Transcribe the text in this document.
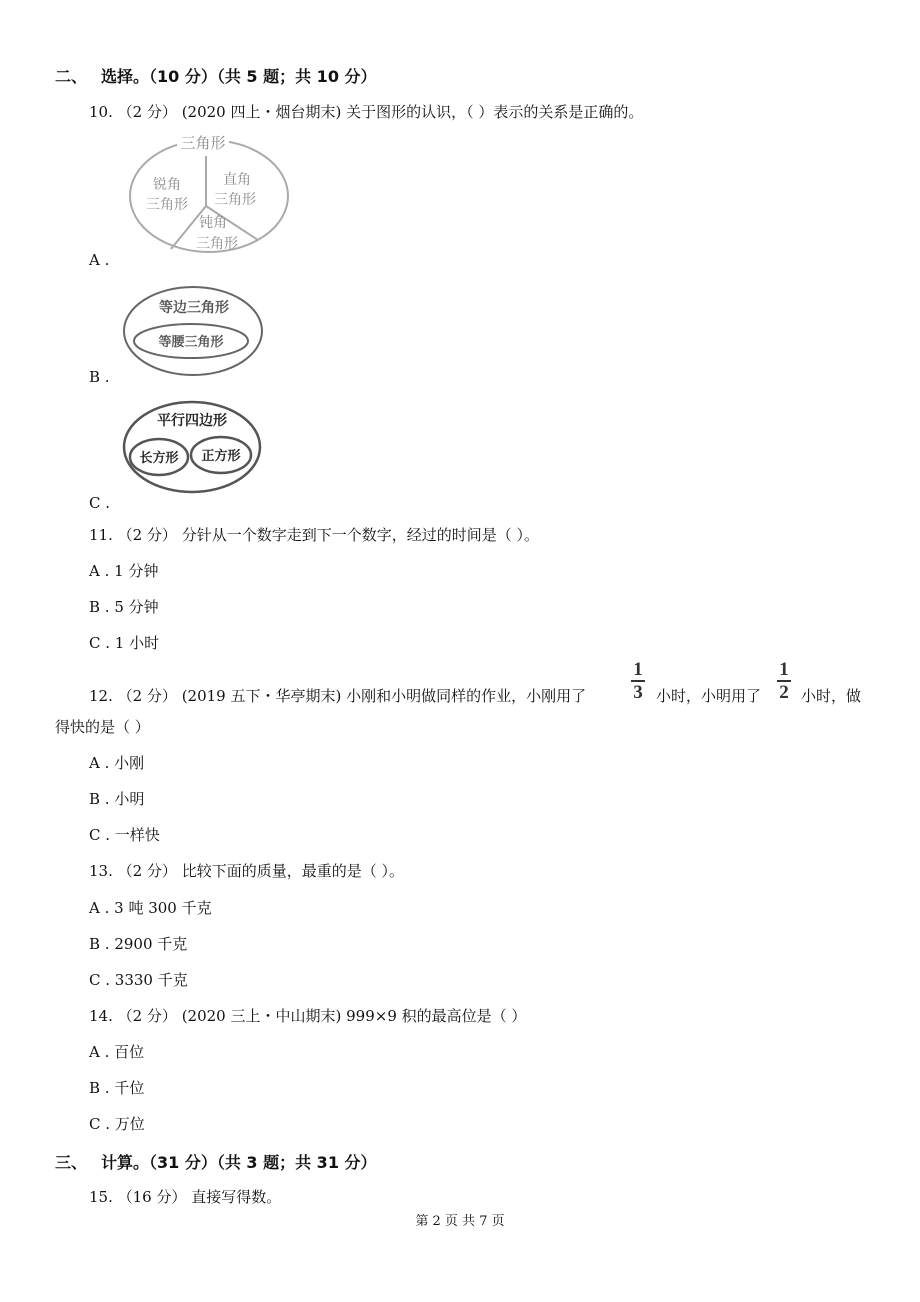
二、 选择。（10 分）（共 5 题；共 10 分）
10. （2 分） (2020 四上・烟台期末) 关于图形的认识，（ ）表示的关系是正确的。
三角形
锐角
三角形
直角
三角形
钝角
三角形
A .
等边三角形
等腰三角形
B .
平行四边形
长方形 正方形
C .
11. （2 分） 分针从一个数字走到下一个数字，经过的时间是（ ）。
A . 1 分钟
B . 5 分钟
C . 1 小时
12. （2 分） (2019 五下・华亭期末) 小刚和小明做同样的作业，小刚用了
1
3 小时，小明用了
1
2 小时，做
得快的是（ ）
A . 小刚
B . 小明
C . 一样快
13. （2 分） 比较下面的质量，最重的是（ ）。
A . 3 吨 300 千克
B . 2900 千克
C . 3330 千克
14. （2 分） (2020 三上・中山期末) 999×9 积的最高位是（ ）
A . 百位
B . 千位
C . 万位
三、 计算。（31 分）（共 3 题；共 31 分）
15. （16 分） 直接写得数。
第 2 页 共 7 页
